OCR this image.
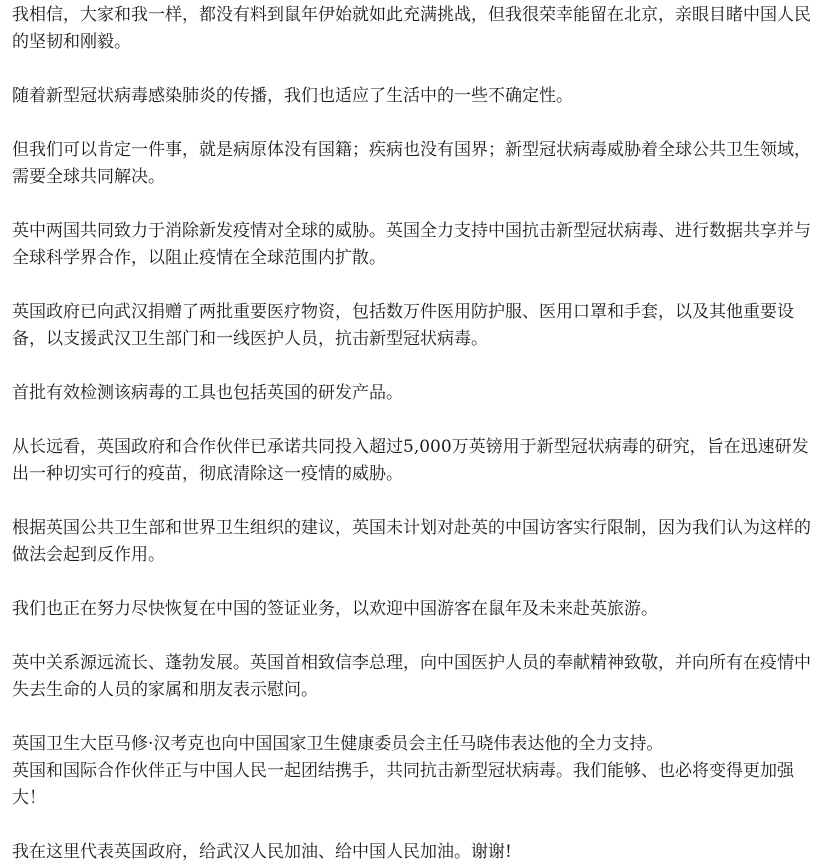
我相信，大家和我一样，都没有料到鼠年伊始就如此充满挑战，但我很荣幸能留在北京，亲眼目睹中国人民的坚韧和刚毅。

随着新型冠状病毒感染肺炎的传播，我们也适应了生活中的一些不确定性。

但我们可以肯定一件事，就是病原体没有国籍；疾病也没有国界；新型冠状病毒威胁着全球公共卫生领域，需要全球共同解决。

英中两国共同致力于消除新发疫情对全球的威胁。英国全力支持中国抗击新型冠状病毒、进行数据共享并与全球科学界合作，以阻止疫情在全球范围内扩散。

英国政府已向武汉捐赠了两批重要医疗物资，包括数万件医用防护服、医用口罩和手套，以及其他重要设备，以支援武汉卫生部门和一线医护人员，抗击新型冠状病毒。

首批有效检测该病毒的工具也包括英国的研发产品。

从长远看，英国政府和合作伙伴已承诺共同投入超过5,000万英镑用于新型冠状病毒的研究，旨在迅速研发出一种切实可行的疫苗，彻底清除这一疫情的威胁。

根据英国公共卫生部和世界卫生组织的建议，英国未计划对赴英的中国访客实行限制，因为我们认为这样的做法会起到反作用。

我们也正在努力尽快恢复在中国的签证业务，以欢迎中国游客在鼠年及未来赴英旅游。

英中关系源远流长、蓬勃发展。英国首相致信李总理，向中国医护人员的奉献精神致敬，并向所有在疫情中失去生命的人员的家属和朋友表示慰问。

英国卫生大臣马修·汉考克也向中国国家卫生健康委员会主任马晓伟表达他的全力支持。

英国和国际合作伙伴正与中国人民一起团结携手，共同抗击新型冠状病毒。我们能够、也必将变得更加强大！

我在这里代表英国政府，给武汉人民加油、给中国人民加油。谢谢!
